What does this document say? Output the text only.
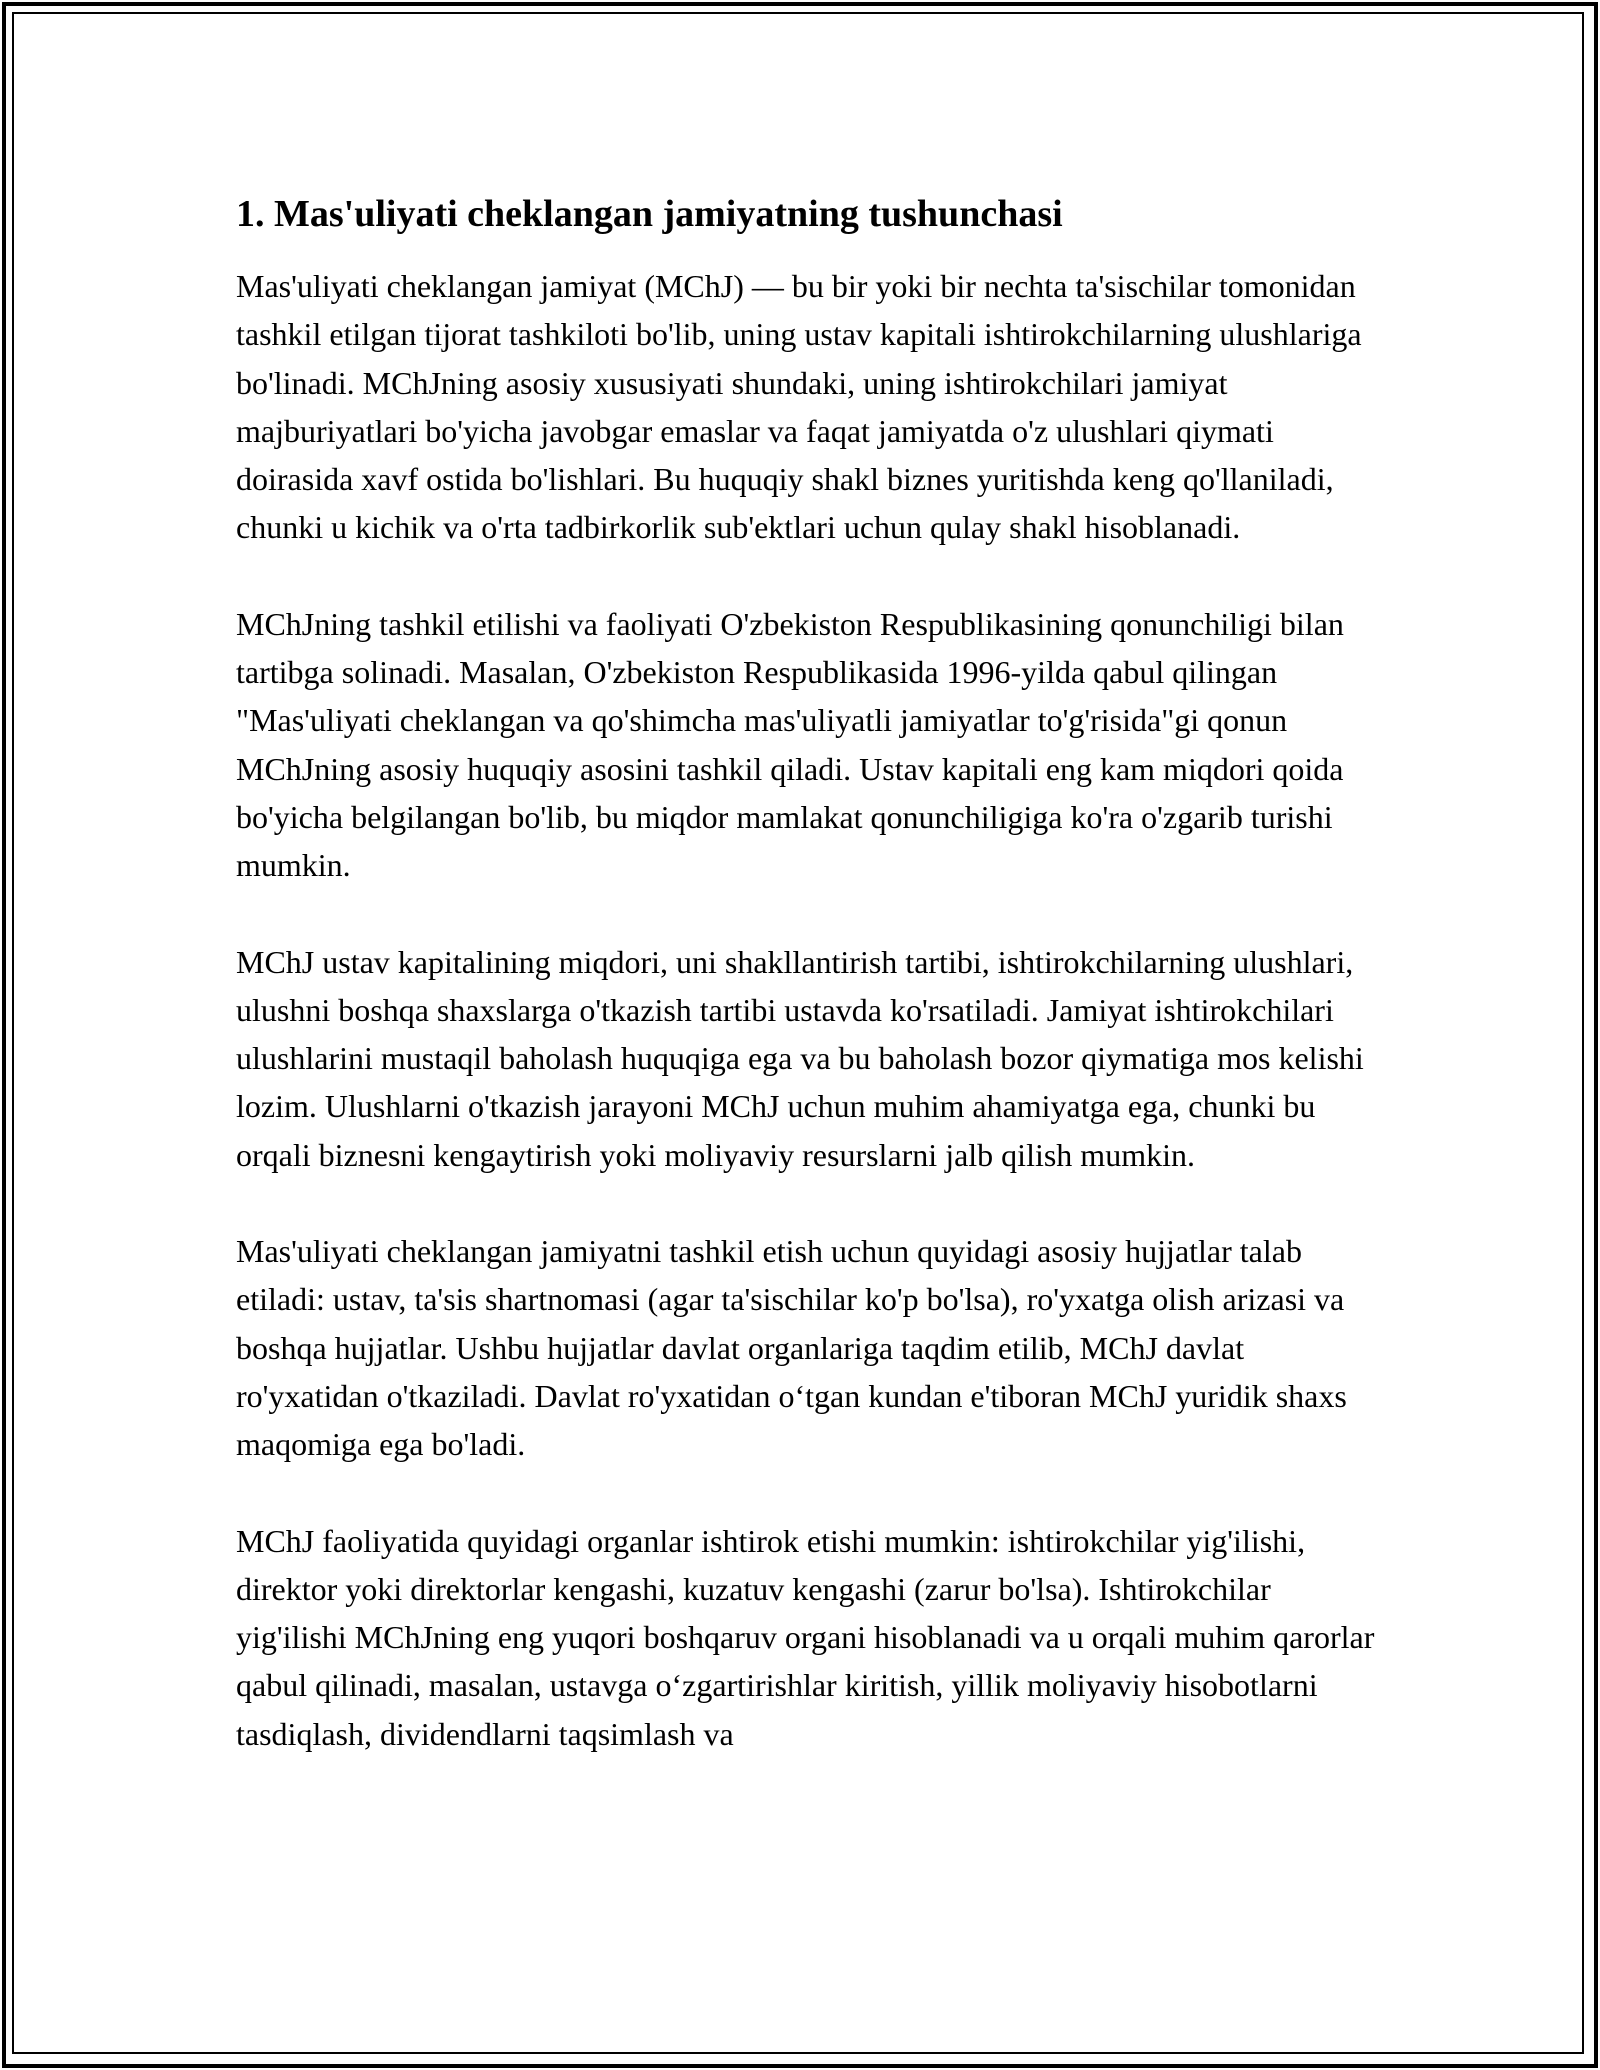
1. Mas'uliyati cheklangan jamiyatning tushunchasi

Mas'uliyati cheklangan jamiyat (MChJ) — bu bir yoki bir nechta ta'sischilar tomonidan tashkil etilgan tijorat tashkiloti bo'lib, uning ustav kapitali ishtirokchilarning ulushlariga bo'linadi. MChJning asosiy xususiyati shundaki, uning ishtirokchilari jamiyat majburiyatlari bo'yicha javobgar emaslar va faqat jamiyatda o'z ulushlari qiymati doirasida xavf ostida bo'lishlari. Bu huquqiy shakl biznes yuritishda keng qo'llaniladi, chunki u kichik va o'rta tadbirkorlik sub'ektlari uchun qulay shakl hisoblanadi.

MChJning tashkil etilishi va faoliyati O'zbekiston Respublikasining qonunchiligi bilan tartibga solinadi. Masalan, O'zbekiston Respublikasida 1996-yilda qabul qilingan "Mas'uliyati cheklangan va qo'shimcha mas'uliyatli jamiyatlar to'g'risida"gi qonun MChJning asosiy huquqiy asosini tashkil qiladi. Ustav kapitali eng kam miqdori qoida bo'yicha belgilangan bo'lib, bu miqdor mamlakat qonunchiligiga ko'ra o'zgarib turishi mumkin.

MChJ ustav kapitalining miqdori, uni shakllantirish tartibi, ishtirokchilarning ulushlari, ulushni boshqa shaxslarga o'tkazish tartibi ustavda ko'rsatiladi. Jamiyat ishtirokchilari ulushlarini mustaqil baholash huquqiga ega va bu baholash bozor qiymatiga mos kelishi lozim. Ulushlarni o'tkazish jarayoni MChJ uchun muhim ahamiyatga ega, chunki bu orqali biznesni kengaytirish yoki moliyaviy resurslarni jalb qilish mumkin.

Mas'uliyati cheklangan jamiyatni tashkil etish uchun quyidagi asosiy hujjatlar talab etiladi: ustav, ta'sis shartnomasi (agar ta'sischilar ko'p bo'lsa), ro'yxatga olish arizasi va boshqa hujjatlar. Ushbu hujjatlar davlat organlariga taqdim etilib, MChJ davlat ro'yxatidan o'tkaziladi. Davlat ro'yxatidan o‘tgan kundan e'tiboran MChJ yuridik shaxs maqomiga ega bo'ladi.

MChJ faoliyatida quyidagi organlar ishtirok etishi mumkin: ishtirokchilar yig'ilishi, direktor yoki direktorlar kengashi, kuzatuv kengashi (zarur bo'lsa). Ishtirokchilar yig'ilishi MChJning eng yuqori boshqaruv organi hisoblanadi va u orqali muhim qarorlar qabul qilinadi, masalan, ustavga o‘zgartirishlar kiritish, yillik moliyaviy hisobotlarni tasdiqlash, dividendlarni taqsimlash va
